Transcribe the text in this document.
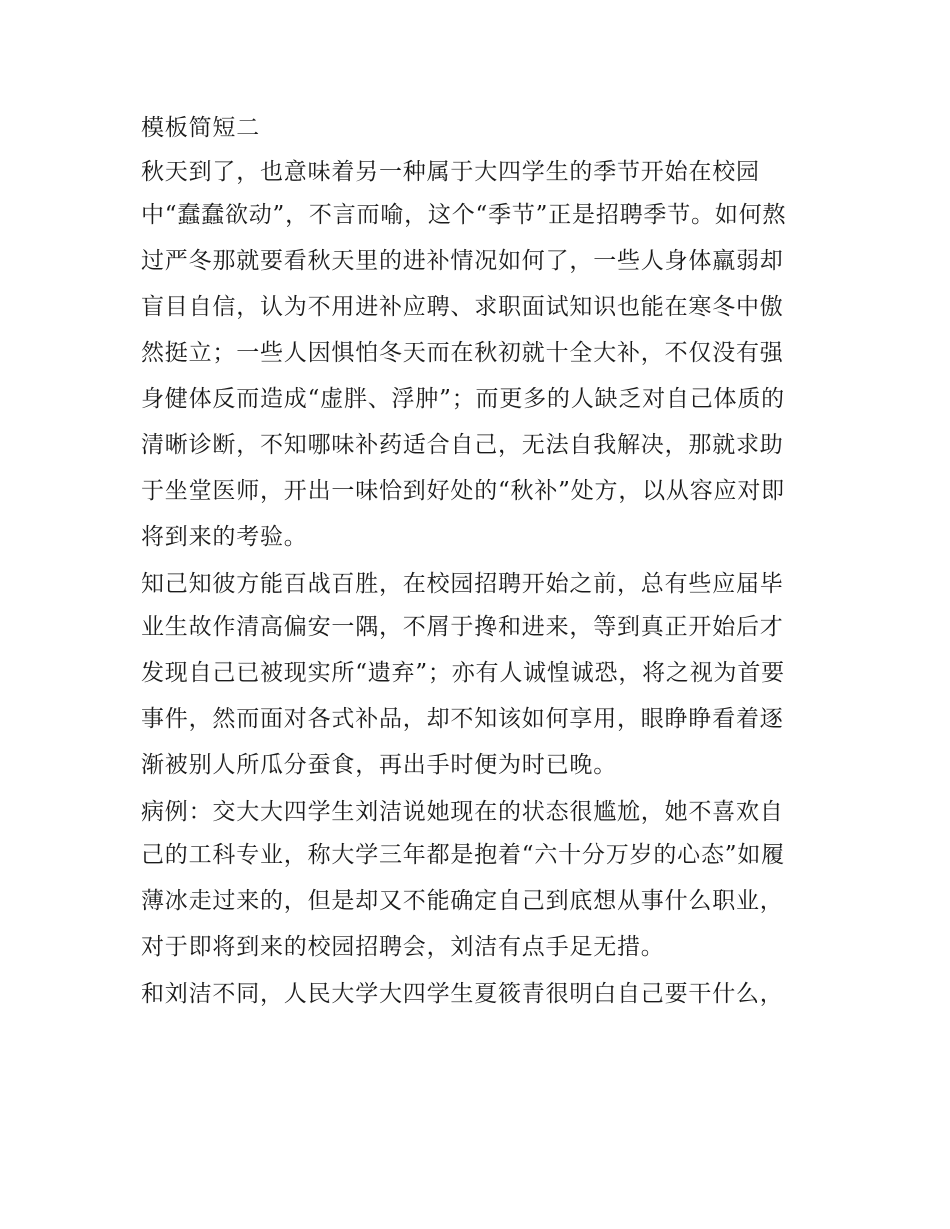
模板简短二

秋天到了，也意味着另一种属于大四学生的季节开始在校园
中“蠢蠢欲动”，不言而喻，这个“季节”正是招聘季节。如何熬
过严冬那就要看秋天里的进补情况如何了，一些人身体羸弱却
盲目自信，认为不用进补应聘、求职面试知识也能在寒冬中傲
然挺立；一些人因惧怕冬天而在秋初就十全大补，不仅没有强
身健体反而造成“虚胖、浮肿”；而更多的人缺乏对自己体质的
清晰诊断，不知哪味补药适合自己，无法自我解决，那就求助
于坐堂医师，开出一味恰到好处的“秋补”处方，以从容应对即
将到来的考验。

知己知彼方能百战百胜，在校园招聘开始之前，总有些应届毕
业生故作清高偏安一隅，不屑于搀和进来，等到真正开始后才
发现自己已被现实所“遗弃”；亦有人诚惶诚恐，将之视为首要
事件，然而面对各式补品，却不知该如何享用，眼睁睁看着逐
渐被别人所瓜分蚕食，再出手时便为时已晚。

病例：交大大四学生刘洁说她现在的状态很尴尬，她不喜欢自
己的工科专业，称大学三年都是抱着“六十分万岁的心态”如履
薄冰走过来的，但是却又不能确定自己到底想从事什么职业，
对于即将到来的校园招聘会，刘洁有点手足无措。

和刘洁不同，人民大学大四学生夏筱青很明白自己要干什么，
